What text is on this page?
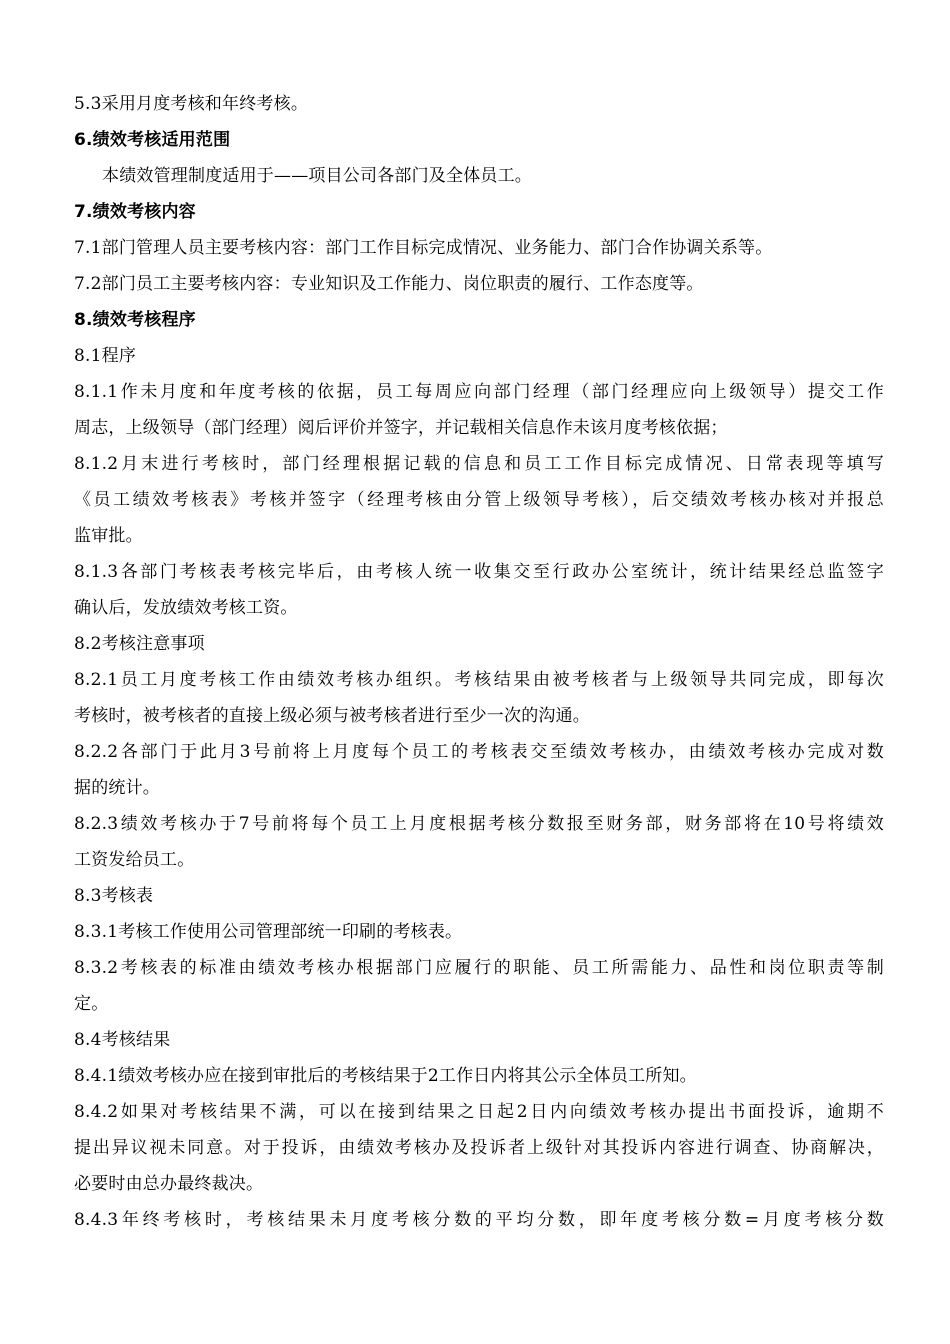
5.3采用月度考核和年终考核。
6.绩效考核适用范围
本绩效管理制度适用于——项目公司各部门及全体员工。
7.绩效考核内容
7.1部门管理人员主要考核内容：部门工作目标完成情况、业务能力、部门合作协调关系等。
7.2部门员工主要考核内容：专业知识及工作能力、岗位职责的履行、工作态度等。
8.绩效考核程序
8.1程序
8.1.1作未月度和年度考核的依据，员工每周应向部门经理（部门经理应向上级领导）提交工作
周志，上级领导（部门经理）阅后评价并签字，并记载相关信息作未该月度考核依据；
8.1.2月末进行考核时，部门经理根据记载的信息和员工工作目标完成情况、日常表现等填写
《员工绩效考核表》考核并签字（经理考核由分管上级领导考核），后交绩效考核办核对并报总
监审批。
8.1.3各部门考核表考核完毕后，由考核人统一收集交至行政办公室统计，统计结果经总监签字
确认后，发放绩效考核工资。
8.2考核注意事项
8.2.1员工月度考核工作由绩效考核办组织。考核结果由被考核者与上级领导共同完成，即每次
考核时，被考核者的直接上级必须与被考核者进行至少一次的沟通。
8.2.2各部门于此月3号前将上月度每个员工的考核表交至绩效考核办，由绩效考核办完成对数
据的统计。
8.2.3绩效考核办于7号前将每个员工上月度根据考核分数报至财务部，财务部将在10号将绩效
工资发给员工。
8.3考核表
8.3.1考核工作使用公司管理部统一印刷的考核表。
8.3.2考核表的标准由绩效考核办根据部门应履行的职能、员工所需能力、品性和岗位职责等制
定。
8.4考核结果
8.4.1绩效考核办应在接到审批后的考核结果于2工作日内将其公示全体员工所知。
8.4.2如果对考核结果不满，可以在接到结果之日起2日内向绩效考核办提出书面投诉，逾期不
提出异议视未同意。对于投诉，由绩效考核办及投诉者上级针对其投诉内容进行调查、协商解决，
必要时由总办最终裁决。
8.4.3年终考核时，考核结果未月度考核分数的平均分数，即年度考核分数=月度考核分数
